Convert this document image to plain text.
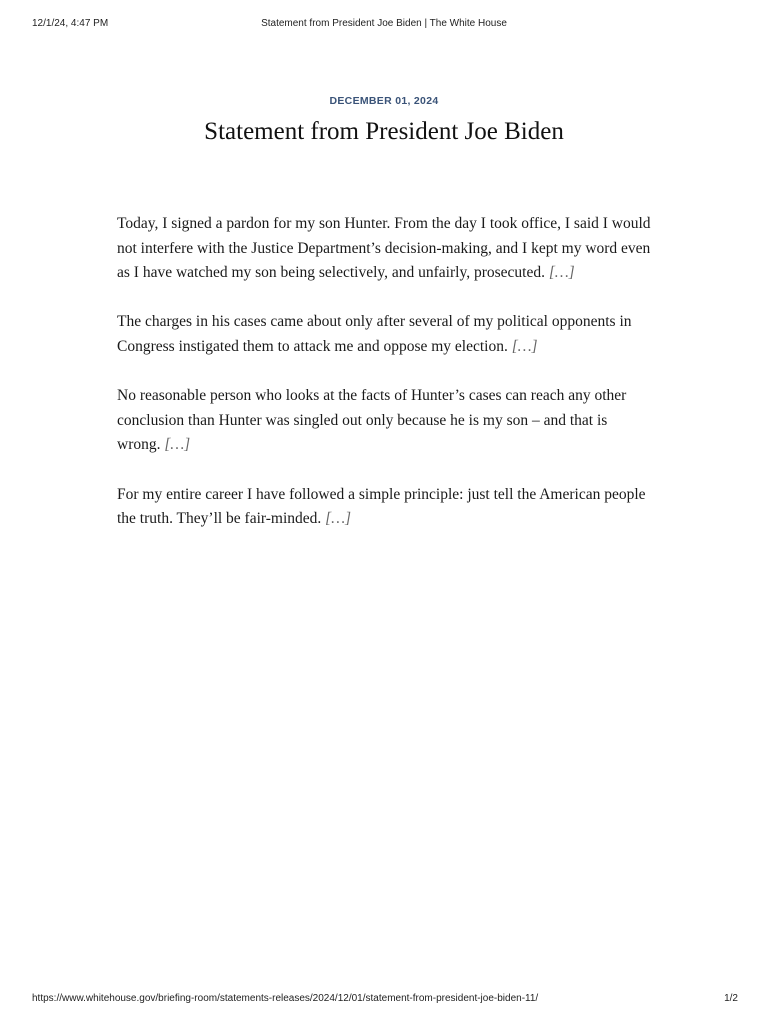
12/1/24, 4:47 PM	Statement from President Joe Biden | The White House
DECEMBER 01, 2024
Statement from President Joe Biden

Today, I signed a pardon for my son Hunter. From the day I took office, I said I would not interfere with the Justice Department’s decision-making, and I kept my word even as I have watched my son being selectively, and unfairly, prosecuted. […]

The charges in his cases came about only after several of my political opponents in Congress instigated them to attack me and oppose my election. […]

No reasonable person who looks at the facts of Hunter’s cases can reach any other conclusion than Hunter was singled out only because he is my son – and that is wrong. […]

For my entire career I have followed a simple principle: just tell the American people the truth. They’ll be fair-minded. […]

https://www.whitehouse.gov/briefing-room/statements-releases/2024/12/01/statement-from-president-joe-biden-11/	1/2
